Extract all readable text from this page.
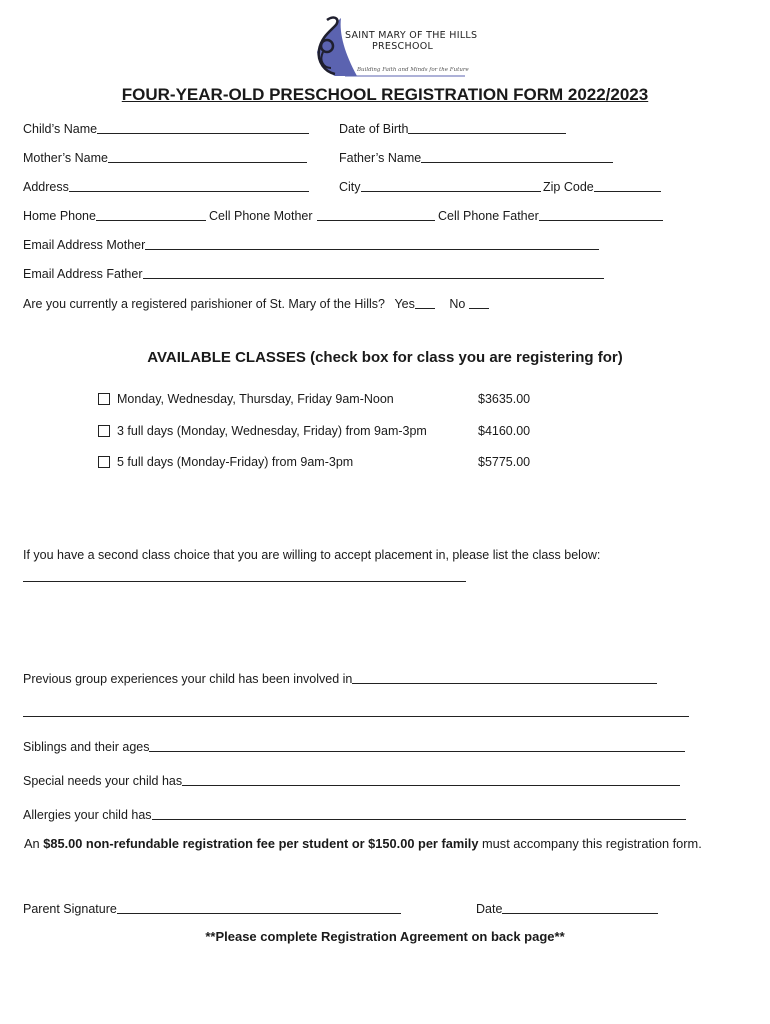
SAINT MARY OF THE HILLS
PRESCHOOL
Building Faith and Minds for the Future
FOUR-YEAR-OLD PRESCHOOL REGISTRATION FORM 2022/2023
Child’s Name	Date of Birth
Mother’s Name	Father’s Name
Address	City	Zip Code
Home Phone	Cell Phone Mother	Cell Phone Father
Email Address Mother
Email Address Father
Are you currently a registered parishioner of St. Mary of the Hills? Yes	No
AVAILABLE CLASSES (check box for class you are registering for)
Monday, Wednesday, Thursday, Friday 9am-Noon	$3635.00
3 full days (Monday, Wednesday, Friday) from 9am-3pm	$4160.00
5 full days (Monday-Friday) from 9am-3pm	$5775.00
If you have a second class choice that you are willing to accept placement in, please list the class below:
Previous group experiences your child has been involved in
Siblings and their ages
Special needs your child has
Allergies your child has
An $85.00 non-refundable registration fee per student or $150.00 per family must accompany this registration form.
Parent Signature	Date
**Please complete Registration Agreement on back page**
